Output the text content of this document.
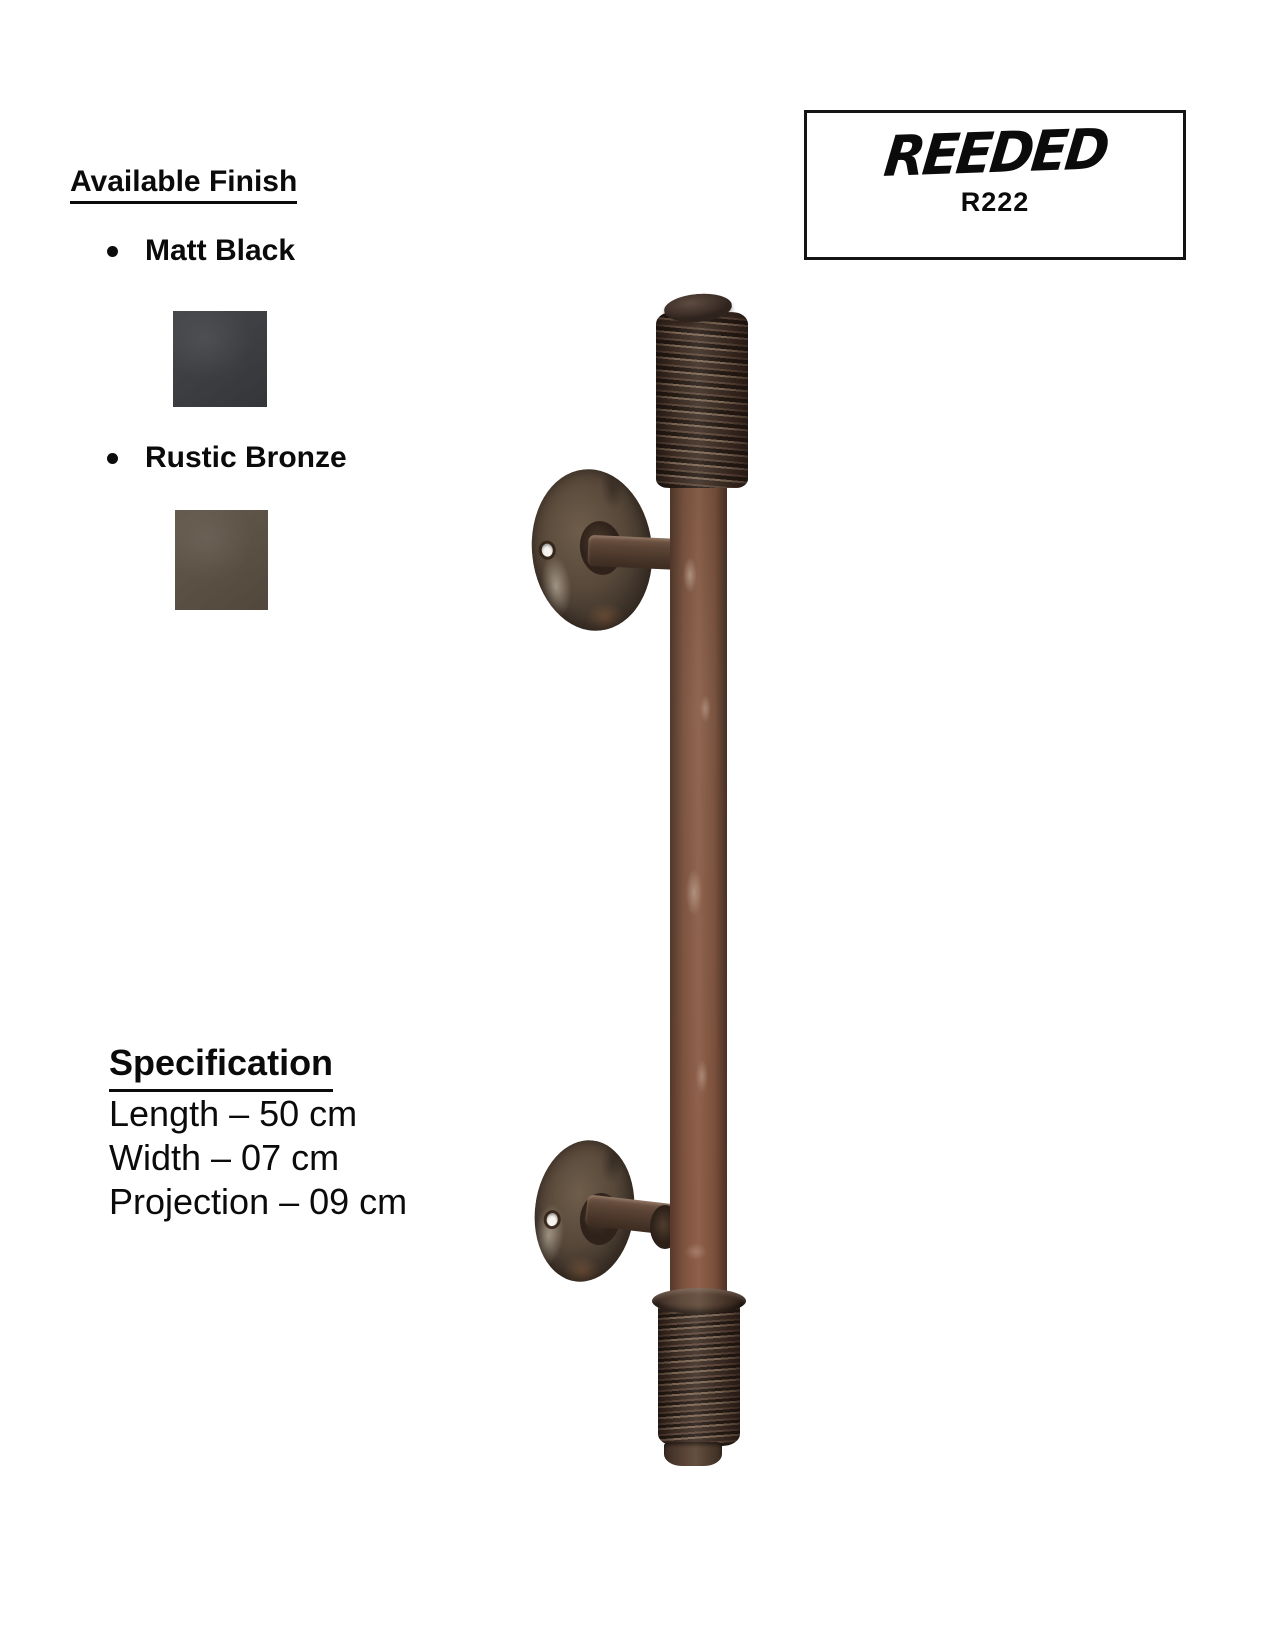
REEDED
R222
Available Finish
Matt Black
Rustic Bronze
Specification
Length – 50 cm
Width – 07 cm
Projection – 09 cm
